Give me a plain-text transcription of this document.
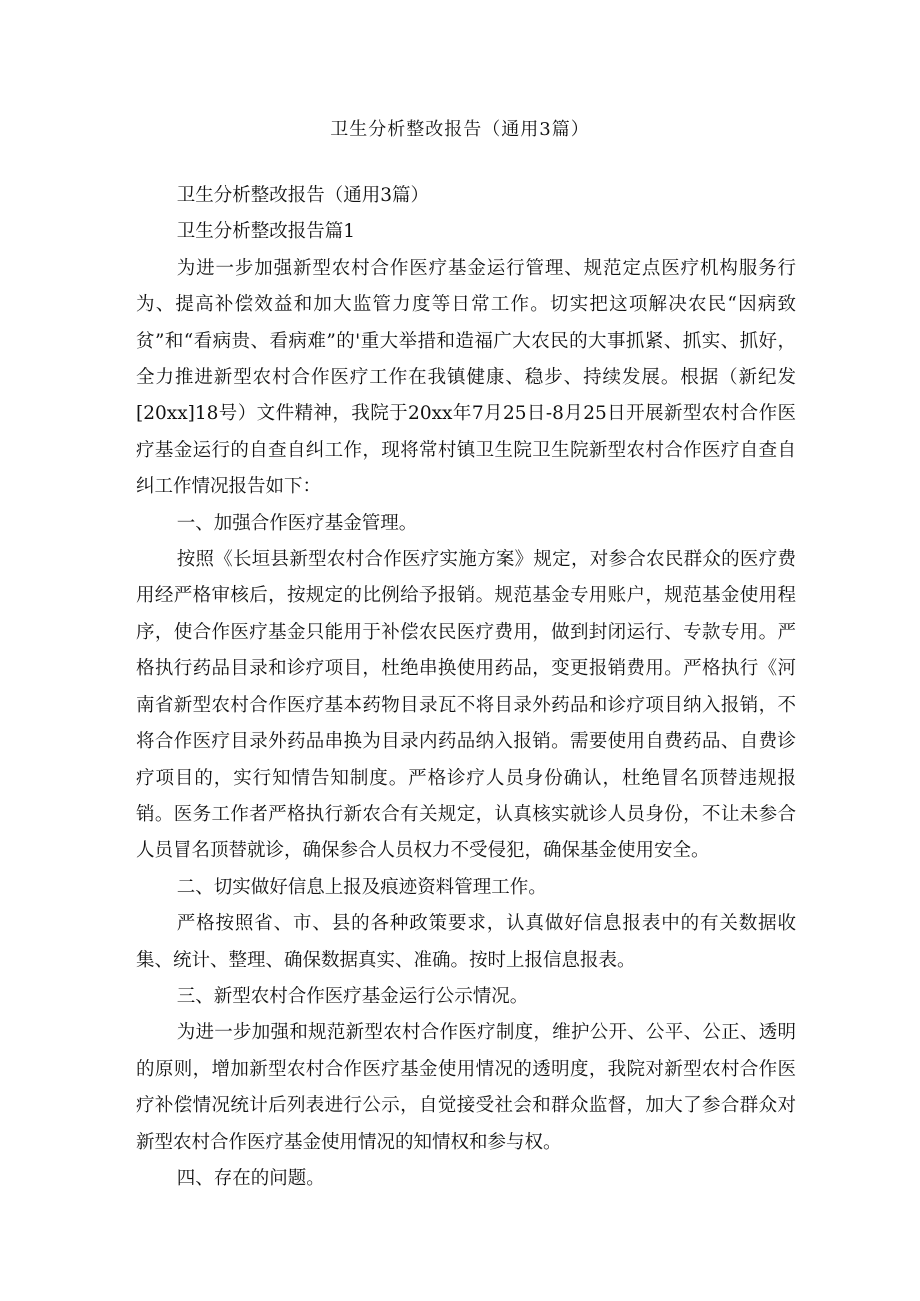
卫生分析整改报告（通用3篇）

卫生分析整改报告（通用3篇）

卫生分析整改报告篇1

为进一步加强新型农村合作医疗基金运行管理、规范定点医疗机构服务行为、提高补偿效益和加大监管力度等日常工作。切实把这项解决农民“因病致贫”和“看病贵、看病难”的'重大举措和造福广大农民的大事抓紧、抓实、抓好，全力推进新型农村合作医疗工作在我镇健康、稳步、持续发展。根据（新纪发[20xx]18号）文件精神，我院于20xx年7月25日-8月25日开展新型农村合作医疗基金运行的自查自纠工作，现将常村镇卫生院卫生院新型农村合作医疗自查自纠工作情况报告如下：

一、加强合作医疗基金管理。

按照《长垣县新型农村合作医疗实施方案》规定，对参合农民群众的医疗费用经严格审核后，按规定的比例给予报销。规范基金专用账户，规范基金使用程序，使合作医疗基金只能用于补偿农民医疗费用，做到封闭运行、专款专用。严格执行药品目录和诊疗项目，杜绝串换使用药品，变更报销费用。严格执行《河南省新型农村合作医疗基本药物目录瓦不将目录外药品和诊疗项目纳入报销，不将合作医疗目录外药品串换为目录内药品纳入报销。需要使用自费药品、自费诊疗项目的，实行知情告知制度。严格诊疗人员身份确认，杜绝冒名顶替违规报销。医务工作者严格执行新农合有关规定，认真核实就诊人员身份，不让未参合人员冒名顶替就诊，确保参合人员权力不受侵犯，确保基金使用安全。

二、切实做好信息上报及痕迹资料管理工作。

严格按照省、市、县的各种政策要求，认真做好信息报表中的有关数据收集、统计、整理、确保数据真实、准确。按时上报信息报表。

三、新型农村合作医疗基金运行公示情况。

为进一步加强和规范新型农村合作医疗制度，维护公开、公平、公正、透明的原则，增加新型农村合作医疗基金使用情况的透明度，我院对新型农村合作医疗补偿情况统计后列表进行公示，自觉接受社会和群众监督，加大了参合群众对新型农村合作医疗基金使用情况的知情权和参与权。

四、存在的问题。
